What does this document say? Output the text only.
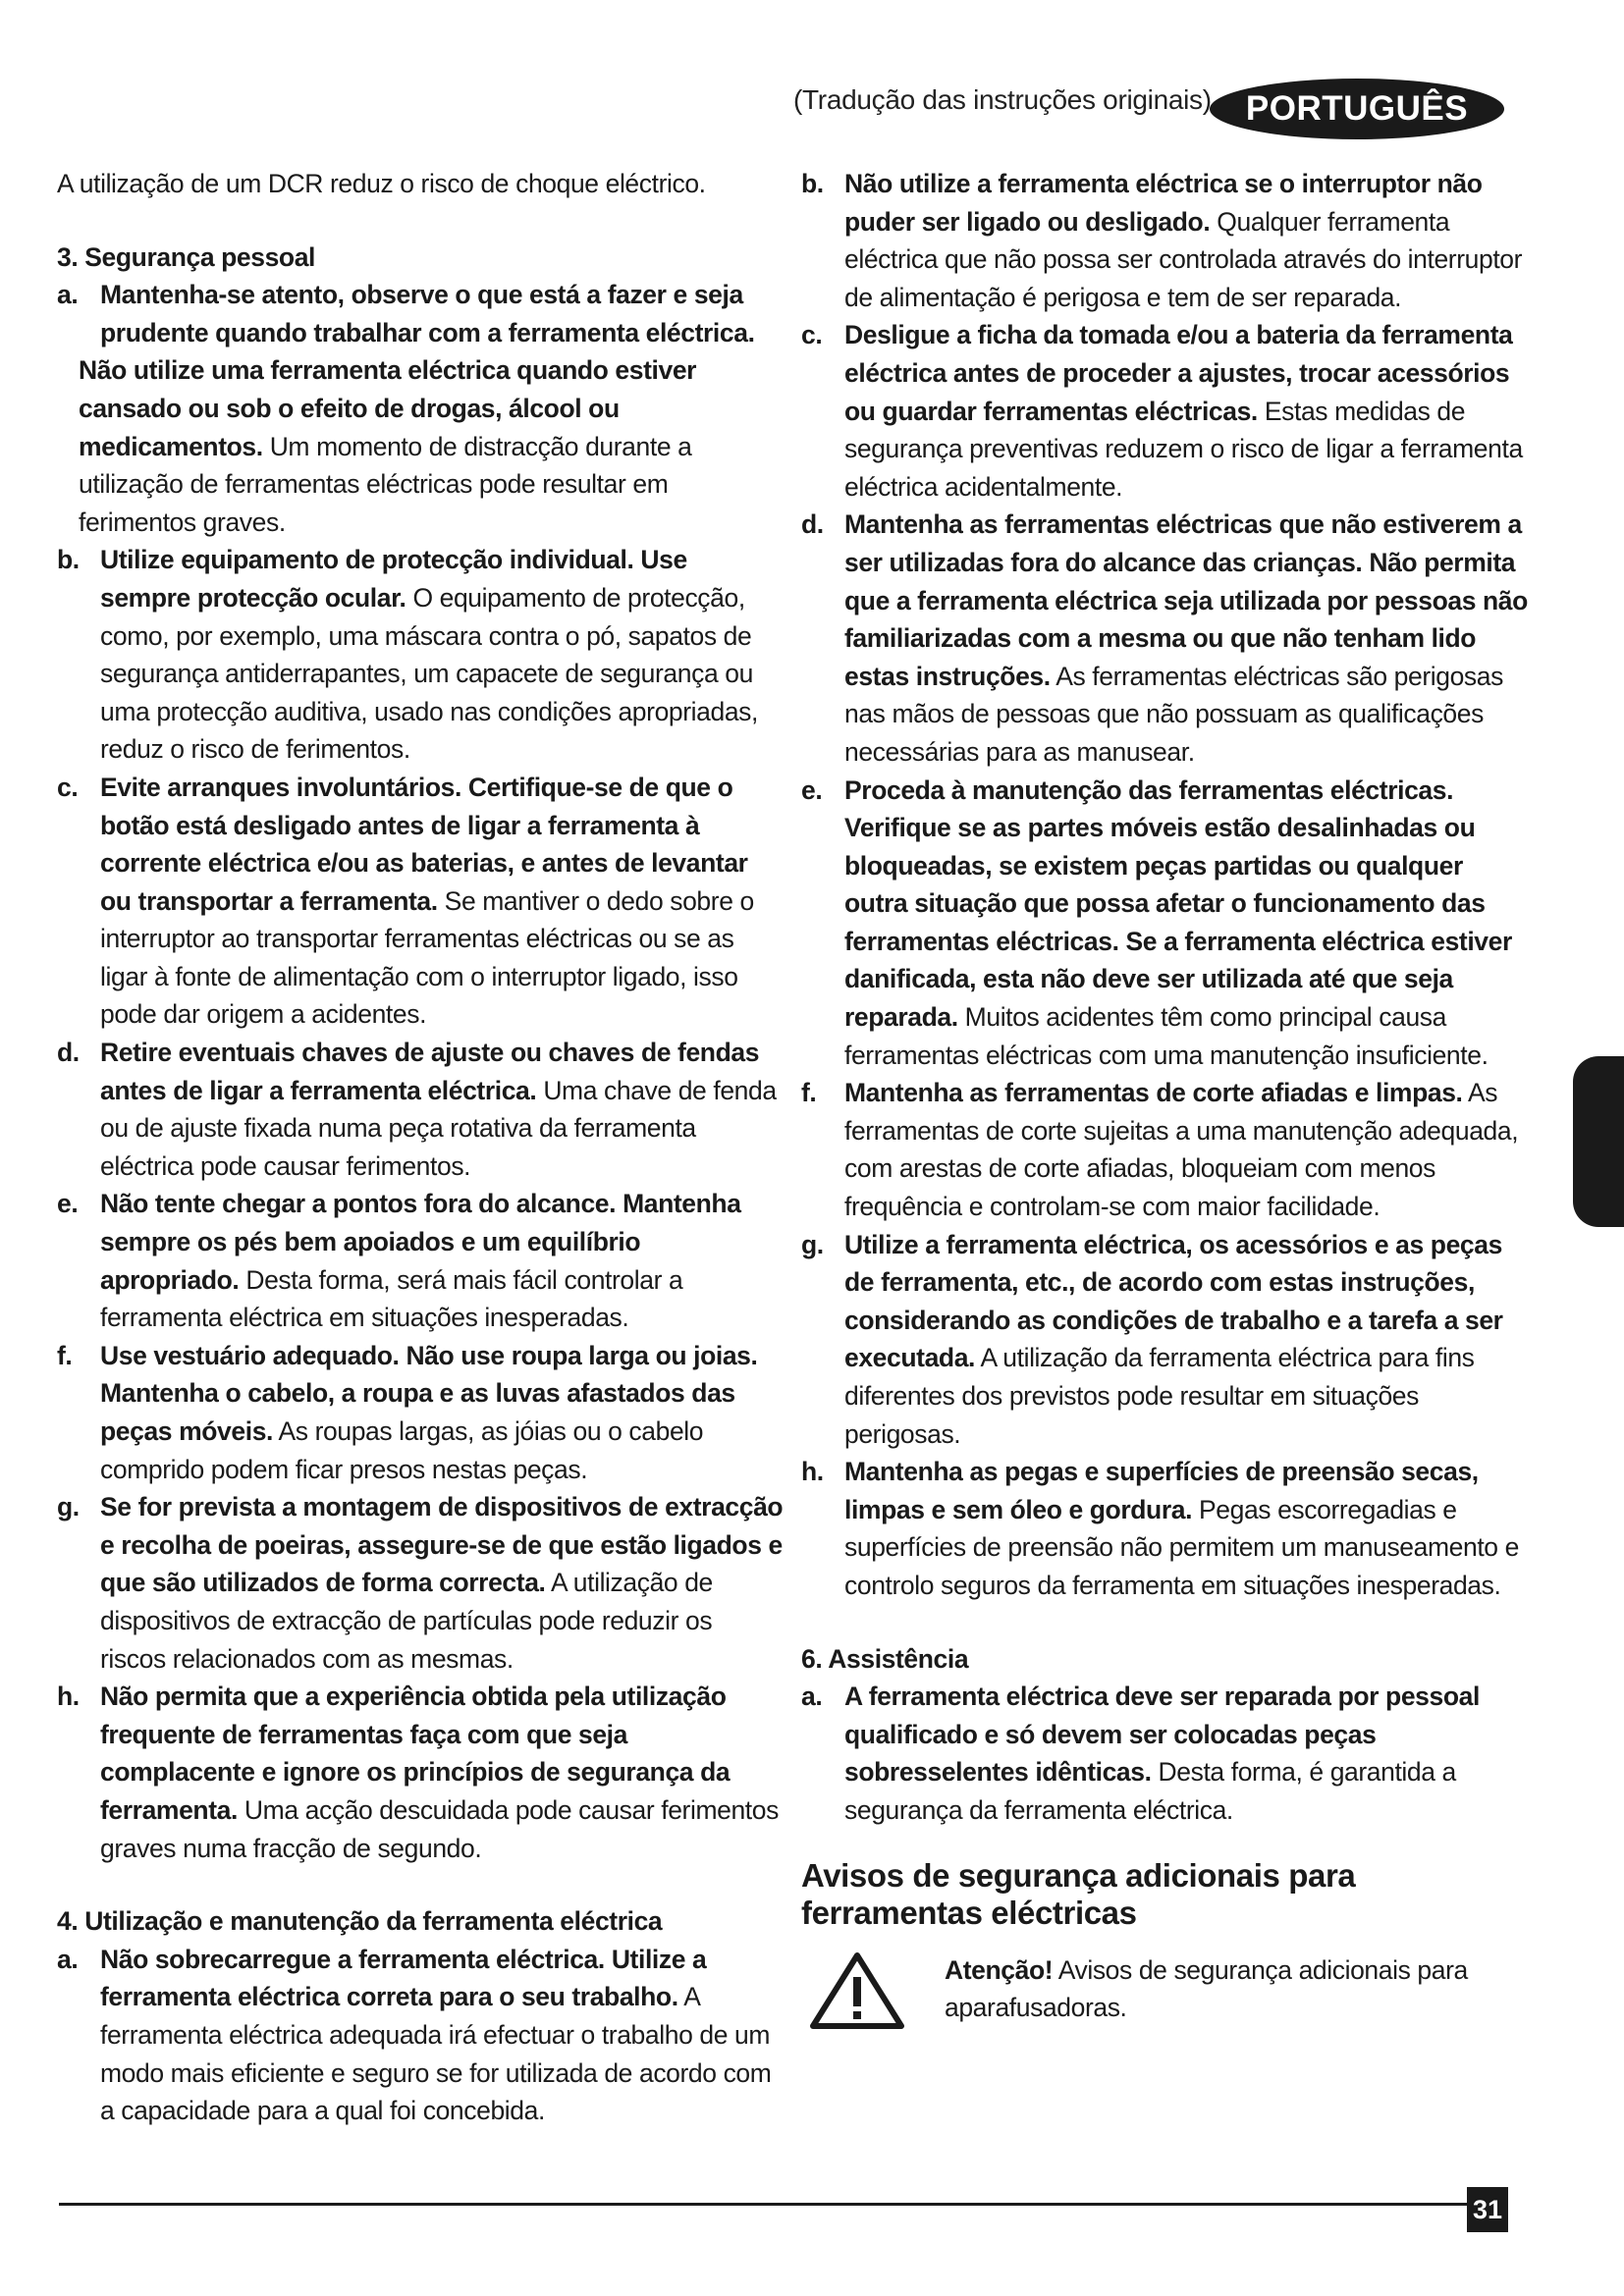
(Tradução das instruções originais)	PORTUGUÊS

A utilização de um DCR reduz o risco de choque eléctrico.

3. Segurança pessoal

a. Mantenha-se atento, observe o que está a fazer e seja prudente quando trabalhar com a ferramenta eléctrica.
Não utilize uma ferramenta eléctrica quando estiver cansado ou sob o efeito de drogas, álcool ou medicamentos. Um momento de distracção durante a utilização de ferramentas eléctricas pode resultar em ferimentos graves.
b. Utilize equipamento de protecção individual. Use sempre protecção ocular. O equipamento de protecção, como, por exemplo, uma máscara contra o pó, sapatos de segurança antiderrapantes, um capacete de segurança ou uma protecção auditiva, usado nas condições apropriadas, reduz o risco de ferimentos.
c. Evite arranques involuntários. Certifique-se de que o botão está desligado antes de ligar a ferramenta à corrente eléctrica e/ou as baterias, e antes de levantar ou transportar a ferramenta. Se mantiver o dedo sobre o interruptor ao transportar ferramentas eléctricas ou se as ligar à fonte de alimentação com o interruptor ligado, isso pode dar origem a acidentes.
d. Retire eventuais chaves de ajuste ou chaves de fendas antes de ligar a ferramenta eléctrica. Uma chave de fenda ou de ajuste fixada numa peça rotativa da ferramenta eléctrica pode causar ferimentos.
e. Não tente chegar a pontos fora do alcance. Mantenha sempre os pés bem apoiados e um equilíbrio apropriado. Desta forma, será mais fácil controlar a ferramenta eléctrica em situações inesperadas.
f.	Use vestuário adequado. Não use roupa larga ou joias. Mantenha o cabelo, a roupa e as luvas afastados das peças móveis. As roupas largas, as jóias ou o cabelo comprido podem ficar presos nestas peças.
g. Se for prevista a montagem de dispositivos de extracção e recolha de poeiras, assegure-se de que estão ligados e que são utilizados de forma correcta. A utilização de dispositivos de extracção de partículas pode reduzir os riscos relacionados com as mesmas.
h. Não permita que a experiência obtida pela utilização frequente de ferramentas faça com que seja complacente e ignore os princípios de segurança da ferramenta. Uma acção descuidada pode causar ferimentos graves numa fracção de segundo.

4. Utilização e manutenção da ferramenta eléctrica

a. Não sobrecarregue a ferramenta eléctrica. Utilize a ferramenta eléctrica correta para o seu trabalho. A ferramenta eléctrica adequada irá efectuar o trabalho de um modo mais eficiente e seguro se for utilizada de acordo com a capacidade para a qual foi concebida.
b. Não utilize a ferramenta eléctrica se o interruptor não puder ser ligado ou desligado. Qualquer ferramenta eléctrica que não possa ser controlada através do interruptor de alimentação é perigosa e tem de ser reparada.
c. Desligue a ficha da tomada e/ou a bateria da ferramenta eléctrica antes de proceder a ajustes, trocar acessórios ou guardar ferramentas eléctricas. Estas medidas de segurança preventivas reduzem o risco de ligar a ferramenta eléctrica acidentalmente.
d. Mantenha as ferramentas eléctricas que não estiverem a ser utilizadas fora do alcance das crianças. Não permita que a ferramenta eléctrica seja utilizada por pessoas não familiarizadas com a mesma ou que não tenham lido estas instruções. As ferramentas eléctricas são perigosas nas mãos de pessoas que não possuam as qualificações necessárias para as manusear.
e. Proceda à manutenção das ferramentas eléctricas. Verifique se as partes móveis estão desalinhadas ou bloqueadas, se existem peças partidas ou qualquer outra situação que possa afetar o funcionamento das ferramentas eléctricas. Se a ferramenta eléctrica estiver danificada, esta não deve ser utilizada até que seja reparada. Muitos acidentes têm como principal causa ferramentas eléctricas com uma manutenção insuficiente.
f.	Mantenha as ferramentas de corte afiadas e limpas. As ferramentas de corte sujeitas a uma manutenção adequada, com arestas de corte afiadas, bloqueiam com menos frequência e controlam-se com maior facilidade.
g. Utilize a ferramenta eléctrica, os acessórios e as peças de ferramenta, etc., de acordo com estas instruções, considerando as condições de trabalho e a tarefa a ser executada. A utilização da ferramenta eléctrica para fins diferentes dos previstos pode resultar em situações perigosas.
h. Mantenha as pegas e superfícies de preensão secas, limpas e sem óleo e gordura. Pegas escorregadias e superfícies de preensão não permitem um manuseamento e controlo seguros da ferramenta em situações inesperadas.

6. Assistência

a. A ferramenta eléctrica deve ser reparada por pessoal qualificado e só devem ser colocadas peças sobresselentes idênticas. Desta forma, é garantida a segurança da ferramenta eléctrica.
Avisos de segurança adicionais para ferramentas eléctricas

Atenção! Avisos de segurança adicionais para aparafusadoras.

31
